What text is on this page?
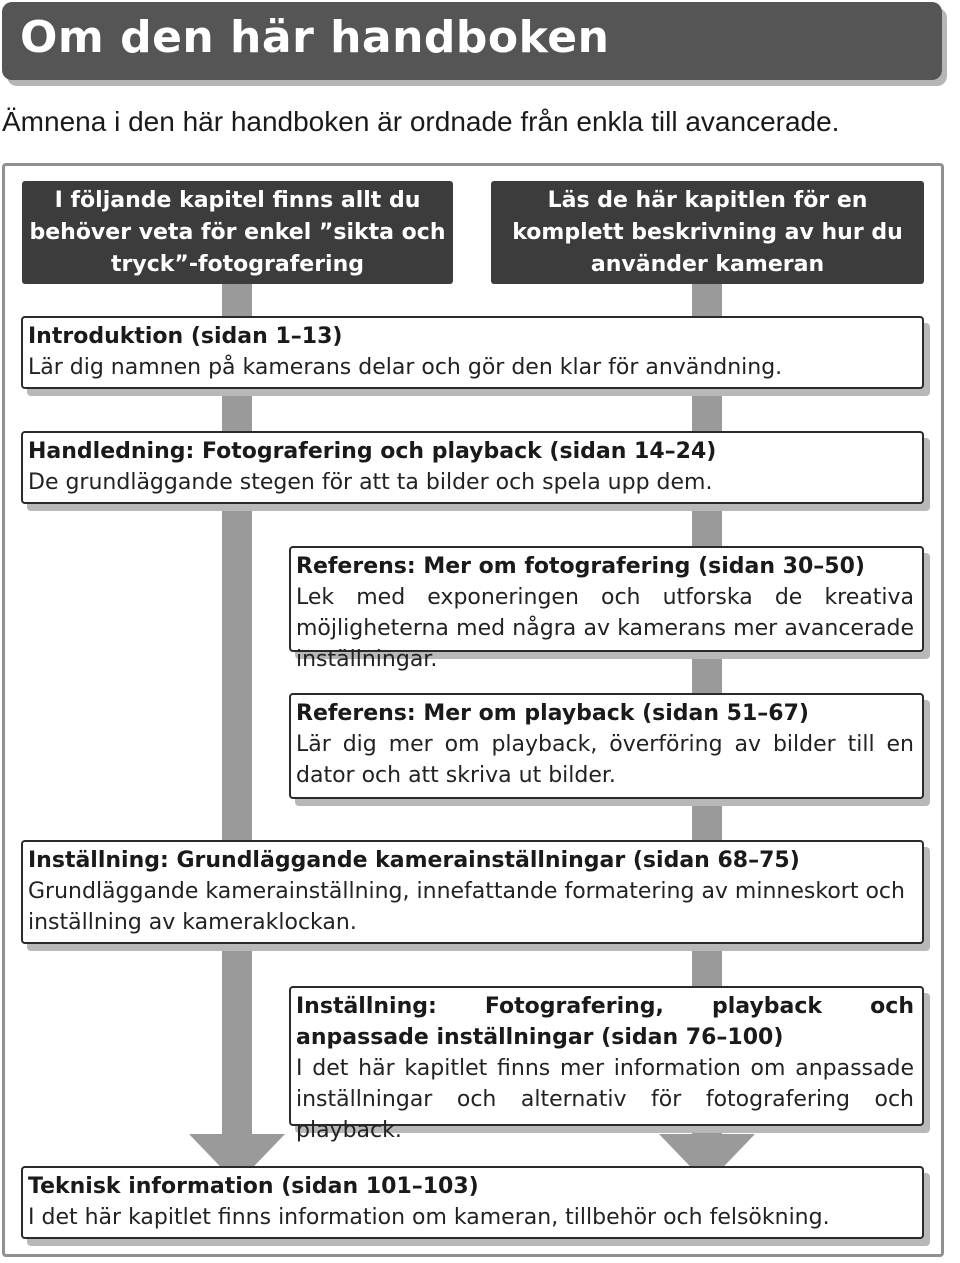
Om den här handboken

Ämnena i den här handboken är ordnade från enkla till avancerade.

I följande kapitel finns allt du behöver veta för enkel ”sikta och tryck”-fotografering
Läs de här kapitlen för en komplett beskrivning av hur du använder kameran
Introduktion (sidan 1–13)
Lär dig namnen på kamerans delar och gör den klar för användning.
Handledning: Fotografering och playback (sidan 14–24)
De grundläggande stegen för att ta bilder och spela upp dem.
Referens: Mer om fotografering (sidan 30–50)
Lek med exponeringen och utforska de kreativa möjligheterna med några av kamerans mer avancerade inställningar.
Referens: Mer om playback (sidan 51–67)
Lär dig mer om playback, överföring av bilder till en dator och att skriva ut bilder.
Inställning: Grundläggande kamerainställningar (sidan 68–75)
Grundläggande kamerainställning, innefattande formatering av minneskort och inställning av kameraklockan.
Inställning: Fotografering, playback och anpassade inställningar (sidan 76–100)
I det här kapitlet finns mer information om anpassade inställningar och alternativ för fotografering och playback.
Teknisk information (sidan 101–103)
I det här kapitlet finns information om kameran, tillbehör och felsökning.
